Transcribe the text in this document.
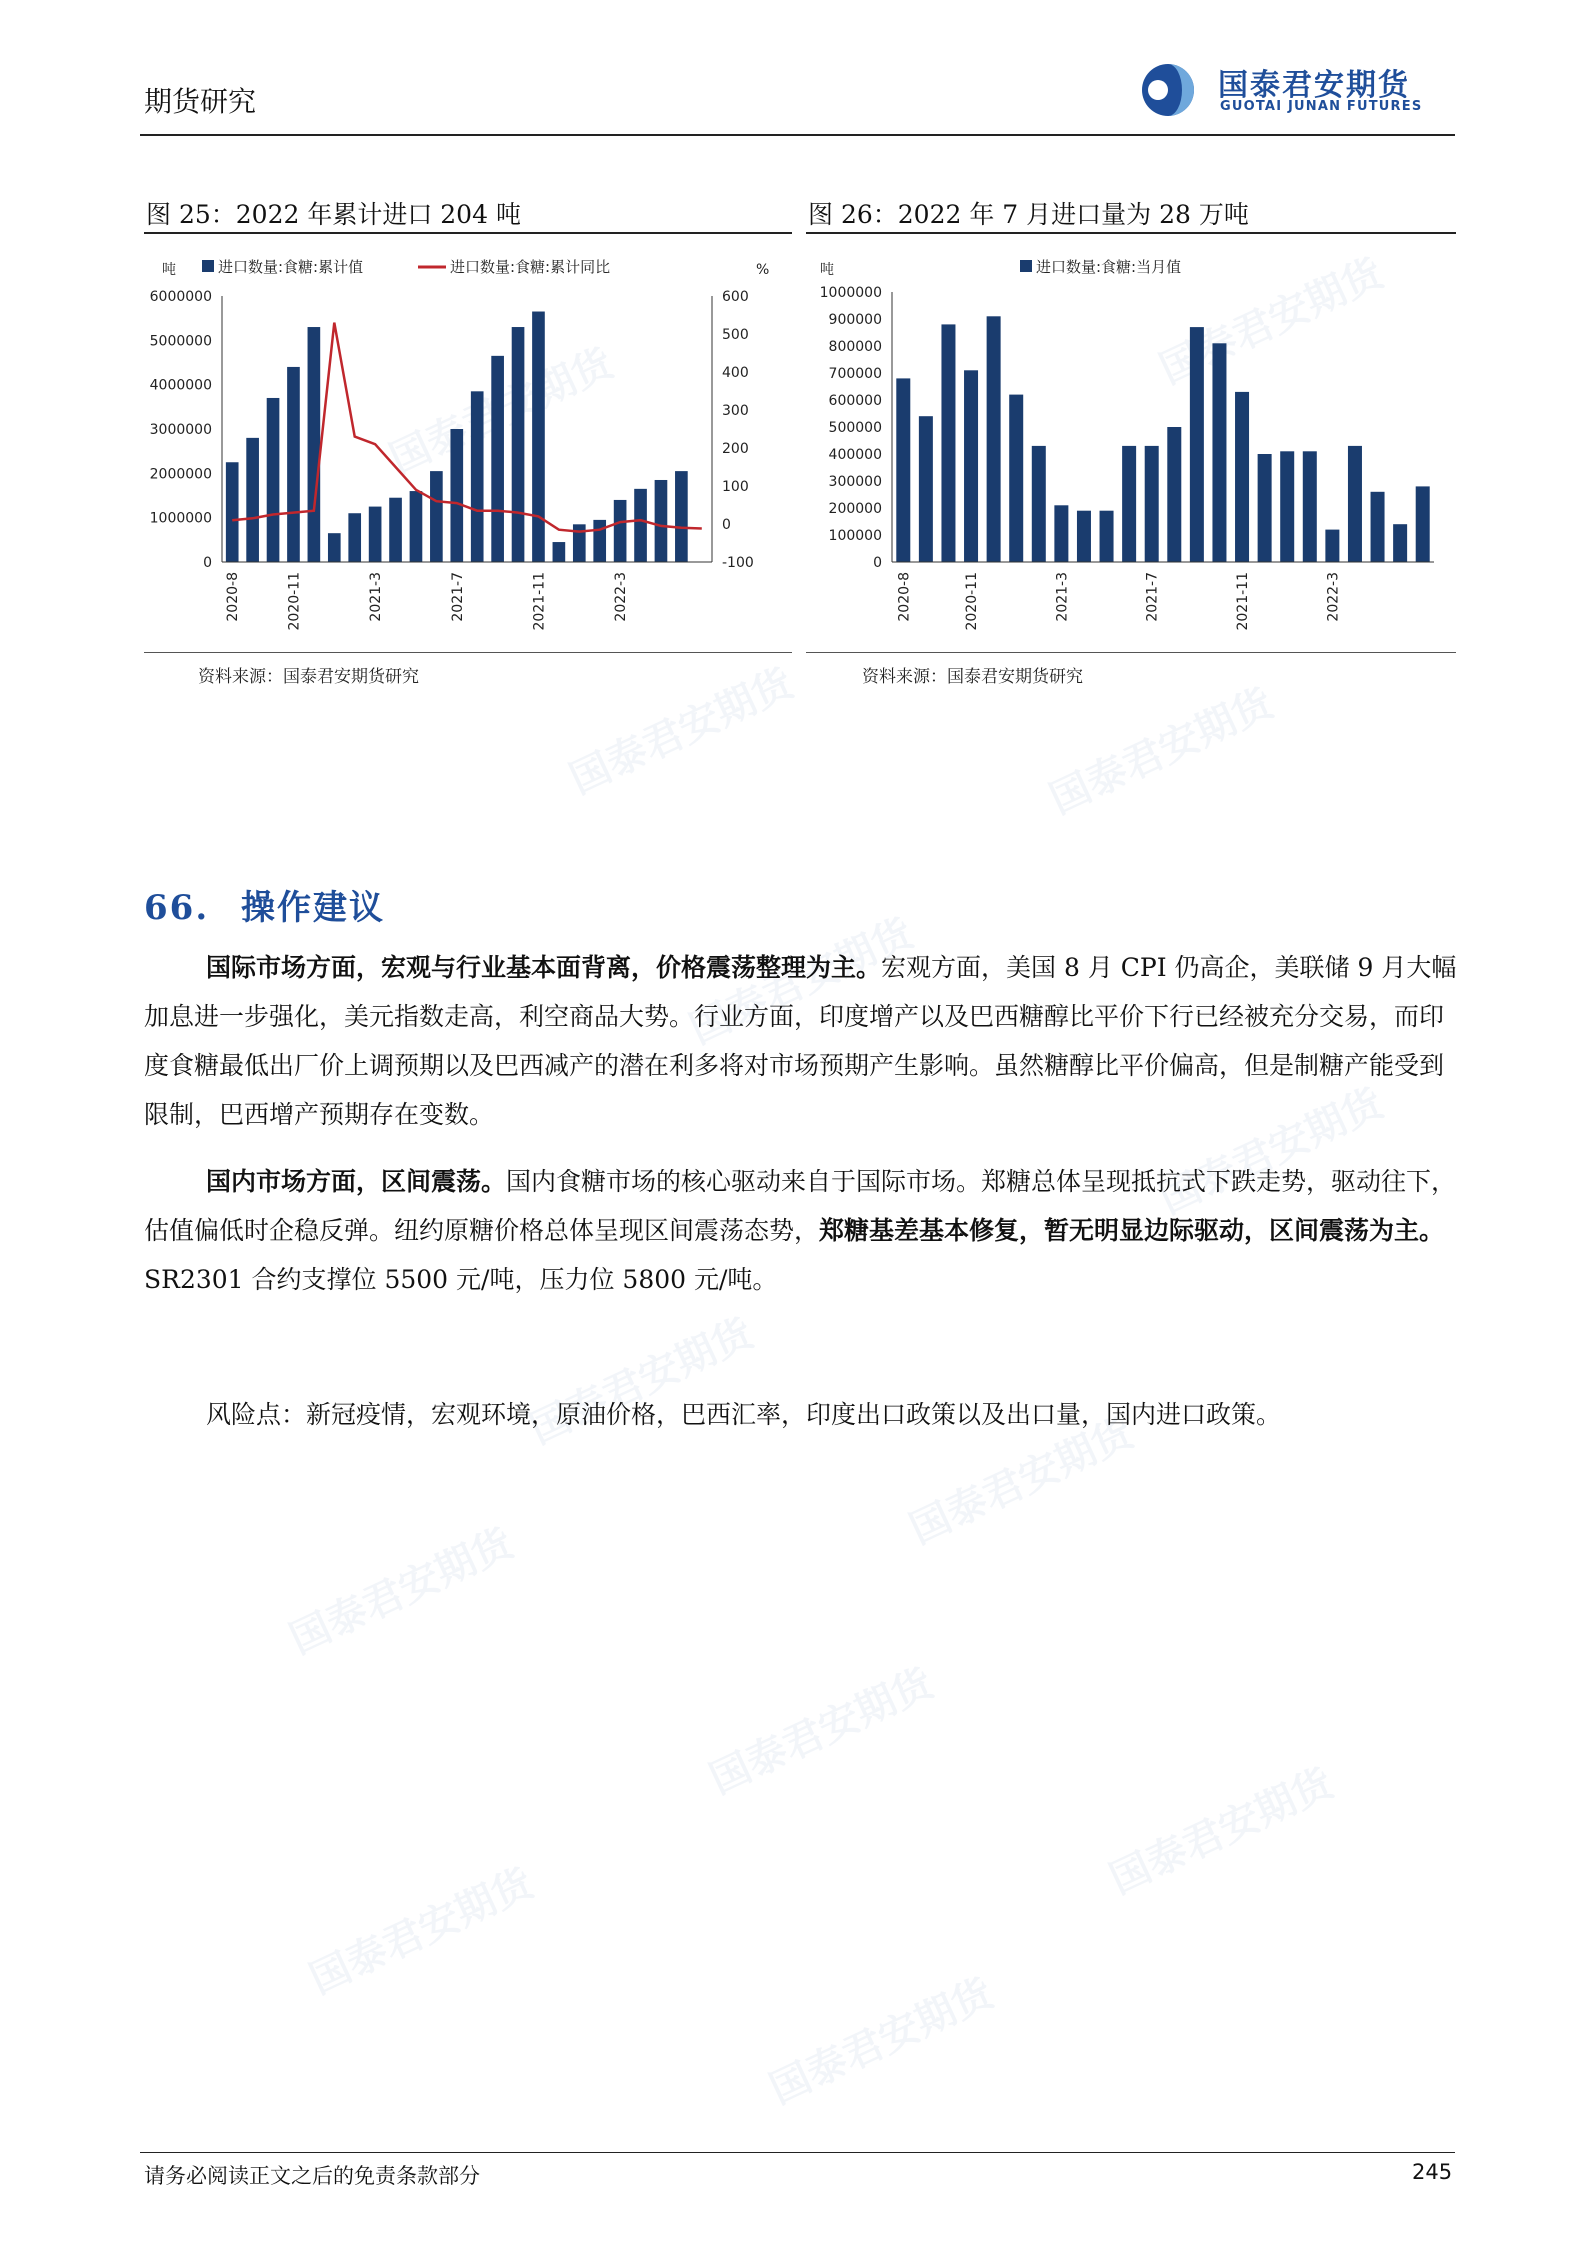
国泰君安期货
国泰君安期货	国泰君安期货
国泰君安期货
国泰君安期货
国泰君安期货
国泰君安期货
国泰君安期货
国泰君安期货
国泰君安期货
国泰君安期货
国泰君安期货
期货研究	国泰君安期货
GUOTAI JUNAN FUTURES
图 25：2022 年累计进口 204 吨
吨	%
进口数量:食糖:累计值	进口数量:食糖:累计同比
0
1000000
2000000
3000000
4000000
5000000
6000000
-100
0
100
200
300
400
500
600
2020-8	2020-11	2021-3	2021-7	2021-11	2022-3
资料来源：国泰君安期货研究
图 26：2022 年 7 月进口量为 28 万吨
吨	进口数量:食糖:当月值
0
100000
200000
300000
400000
500000
600000
700000
800000
900000
1000000
2020-8	2020-11	2021-3	2021-7	2021-11	2022-3
资料来源：国泰君安期货研究
66. 操作建议

国际市场方面，宏观与行业基本面背离，价格震荡整理为主。宏观方面，美国 8 月 CPI 仍高企，美联储 9 月大幅加息进一步强化，美元指数走高，利空商品大势。行业方面，印度增产以及巴西糖醇比平价下行已经被充分交易，而印度食糖最低出厂价上调预期以及巴西减产的潜在利多将对市场预期产生影响。虽然糖醇比平价偏高，但是制糖产能受到限制，巴西增产预期存在变数。

国内市场方面，区间震荡。国内食糖市场的核心驱动来自于国际市场。郑糖总体呈现抵抗式下跌走势，驱动往下，估值偏低时企稳反弹。纽约原糖价格总体呈现区间震荡态势，郑糖基差基本修复，暂无明显边际驱动，区间震荡为主。SR2301 合约支撑位 5500 元/吨，压力位 5800 元/吨。

风险点：新冠疫情，宏观环境，原油价格，巴西汇率，印度出口政策以及出口量，国内进口政策。
请务必阅读正文之后的免责条款部分	245
